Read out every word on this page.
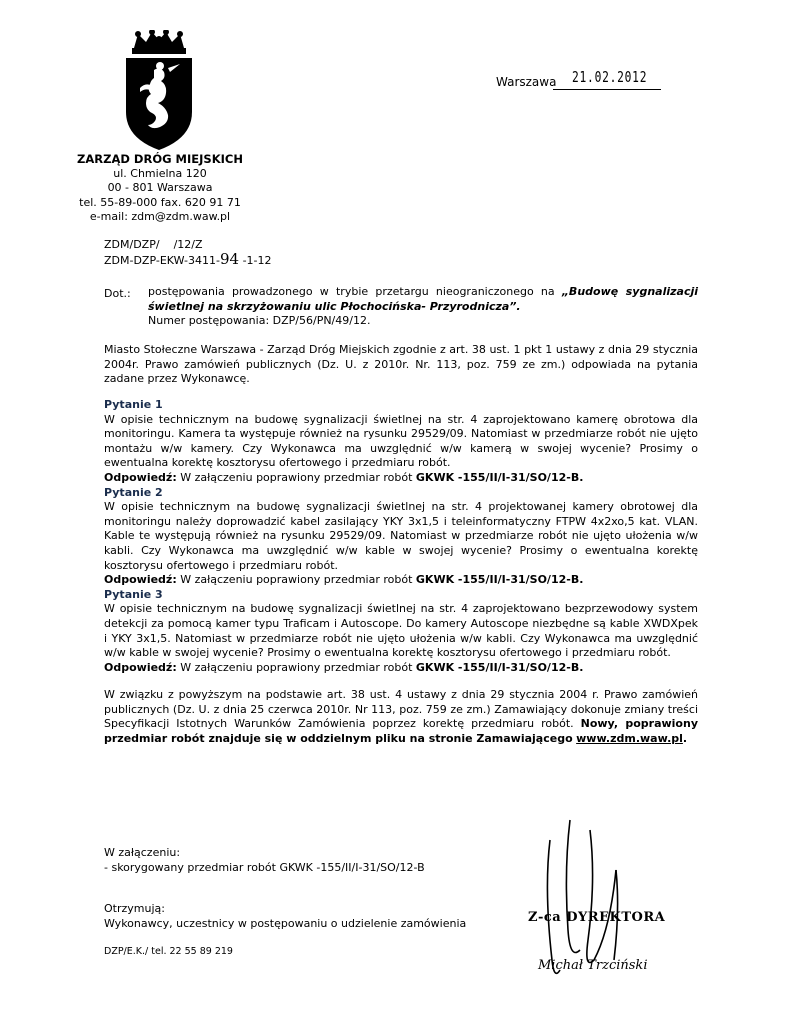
ZARZĄD DRÓG MIEJSKICH
ul. Chmielna 120
00 - 801 Warszawa
tel. 55-89-000 fax. 620 91 71
e-mail: zdm@zdm.waw.pl
Warszawa 21.02.2012
ZDM/DZP/ /12/Z
ZDM-DZP-EKW-3411-94 -1-12
Dot.: postępowania prowadzonego w trybie przetargu nieograniczonego na „Budowę sygnalizacji świetlnej na skrzyżowaniu ulic Płochocińska- Przyrodnicza”.
Numer postępowania: DZP/56/PN/49/12.
Miasto Stołeczne Warszawa - Zarząd Dróg Miejskich zgodnie z art. 38 ust. 1 pkt 1 ustawy z dnia 29 stycznia 2004r. Prawo zamówień publicznych (Dz. U. z 2010r. Nr. 113, poz. 759 ze zm.) odpowiada na pytania zadane przez Wykonawcę.

Pytanie 1

W opisie technicznym na budowę sygnalizacji świetlnej na str. 4 zaprojektowano kamerę obrotowa dla monitoringu. Kamera ta występuje również na rysunku 29529/09. Natomiast w przedmiarze robót nie ujęto montażu w/w kamery. Czy Wykonawca ma uwzględnić w/w kamerą w swojej wycenie? Prosimy o ewentualna korektę kosztorysu ofertowego i przedmiaru robót.

Odpowiedź: W załączeniu poprawiony przedmiar robót GKWK -155/II/I-31/SO/12-B.

Pytanie 2

W opisie technicznym na budowę sygnalizacji świetlnej na str. 4 projektowanej kamery obrotowej dla monitoringu należy doprowadzić kabel zasilający YKY 3x1,5 i teleinformatyczny FTPW 4x2xo,5 kat. VLAN. Kable te występują również na rysunku 29529/09. Natomiast w przedmiarze robót nie ujęto ułożenia w/w kabli. Czy Wykonawca ma uwzględnić w/w kable w swojej wycenie? Prosimy o ewentualna korektę kosztorysu ofertowego i przedmiaru robót.

Odpowiedź: W załączeniu poprawiony przedmiar robót GKWK -155/II/I-31/SO/12-B.

Pytanie 3

W opisie technicznym na budowę sygnalizacji świetlnej na str. 4 zaprojektowano bezprzewodowy system detekcji za pomocą kamer typu Traficam i Autoscope. Do kamery Autoscope niezbędne są kable XWDXpek i YKY 3x1,5. Natomiast w przedmiarze robót nie ujęto ułożenia w/w kabli. Czy Wykonawca ma uwzględnić w/w kable w swojej wycenie? Prosimy o ewentualna korektę kosztorysu ofertowego i przedmiaru robót.

Odpowiedź: W załączeniu poprawiony przedmiar robót GKWK -155/II/I-31/SO/12-B.

W związku z powyższym na podstawie art. 38 ust. 4 ustawy z dnia 29 stycznia 2004 r. Prawo zamówień publicznych (Dz. U. z dnia 25 czerwca 2010r. Nr 113, poz. 759 ze zm.) Zamawiający dokonuje zmiany treści Specyfikacji Istotnych Warunków Zamówienia poprzez korektę przedmiaru robót. Nowy, poprawiony przedmiar robót znajduje się w oddzielnym pliku na stronie Zamawiającego www.zdm.waw.pl.
W załączeniu:
- skorygowany przedmiar robót GKWK -155/II/I-31/SO/12-B
Otrzymują:
Wykonawcy, uczestnicy w postępowaniu o udzielenie zamówienia
DZP/E.K./ tel. 22 55 89 219
Z-ca DYREKTORA
Michał Trzciński
